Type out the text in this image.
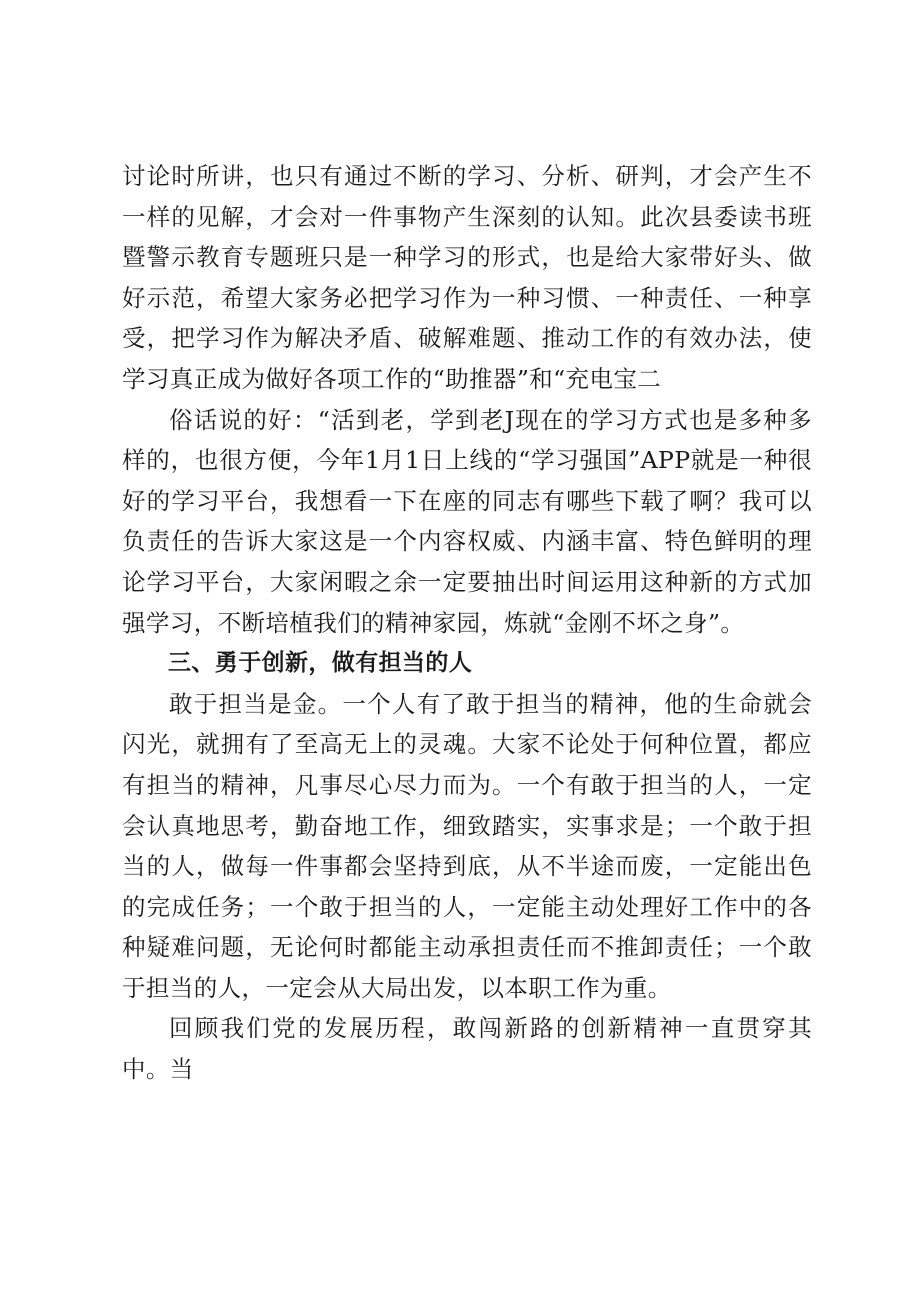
讨论时所讲，也只有通过不断的学习、分析、研判，才会产生不一样的见解，才会对一件事物产生深刻的认知。此次县委读书班暨警示教育专题班只是一种学习的形式，也是给大家带好头、做好示范，希望大家务必把学习作为一种习惯、一种责任、一种享受，把学习作为解决矛盾、破解难题、推动工作的有效办法，使学习真正成为做好各项工作的“助推器”和“充电宝二

俗话说的好：“活到老，学到老J现在的学习方式也是多种多样的，也很方便，今年1月1日上线的“学习强国”APP就是一种很好的学习平台，我想看一下在座的同志有哪些下载了啊？我可以负责任的告诉大家这是一个内容权威、内涵丰富、特色鲜明的理论学习平台，大家闲暇之余一定要抽出时间运用这种新的方式加强学习，不断培植我们的精神家园，炼就“金刚不坏之身”。

三、勇于创新，做有担当的人

敢于担当是金。一个人有了敢于担当的精神，他的生命就会闪光，就拥有了至高无上的灵魂。大家不论处于何种位置，都应有担当的精神，凡事尽心尽力而为。一个有敢于担当的人，一定会认真地思考，勤奋地工作，细致踏实，实事求是；一个敢于担当的人，做每一件事都会坚持到底，从不半途而废，一定能出色的完成任务；一个敢于担当的人，一定能主动处理好工作中的各种疑难问题，无论何时都能主动承担责任而不推卸责任；一个敢于担当的人，一定会从大局出发，以本职工作为重。

回顾我们党的发展历程，敢闯新路的创新精神一直贯穿其中。当
